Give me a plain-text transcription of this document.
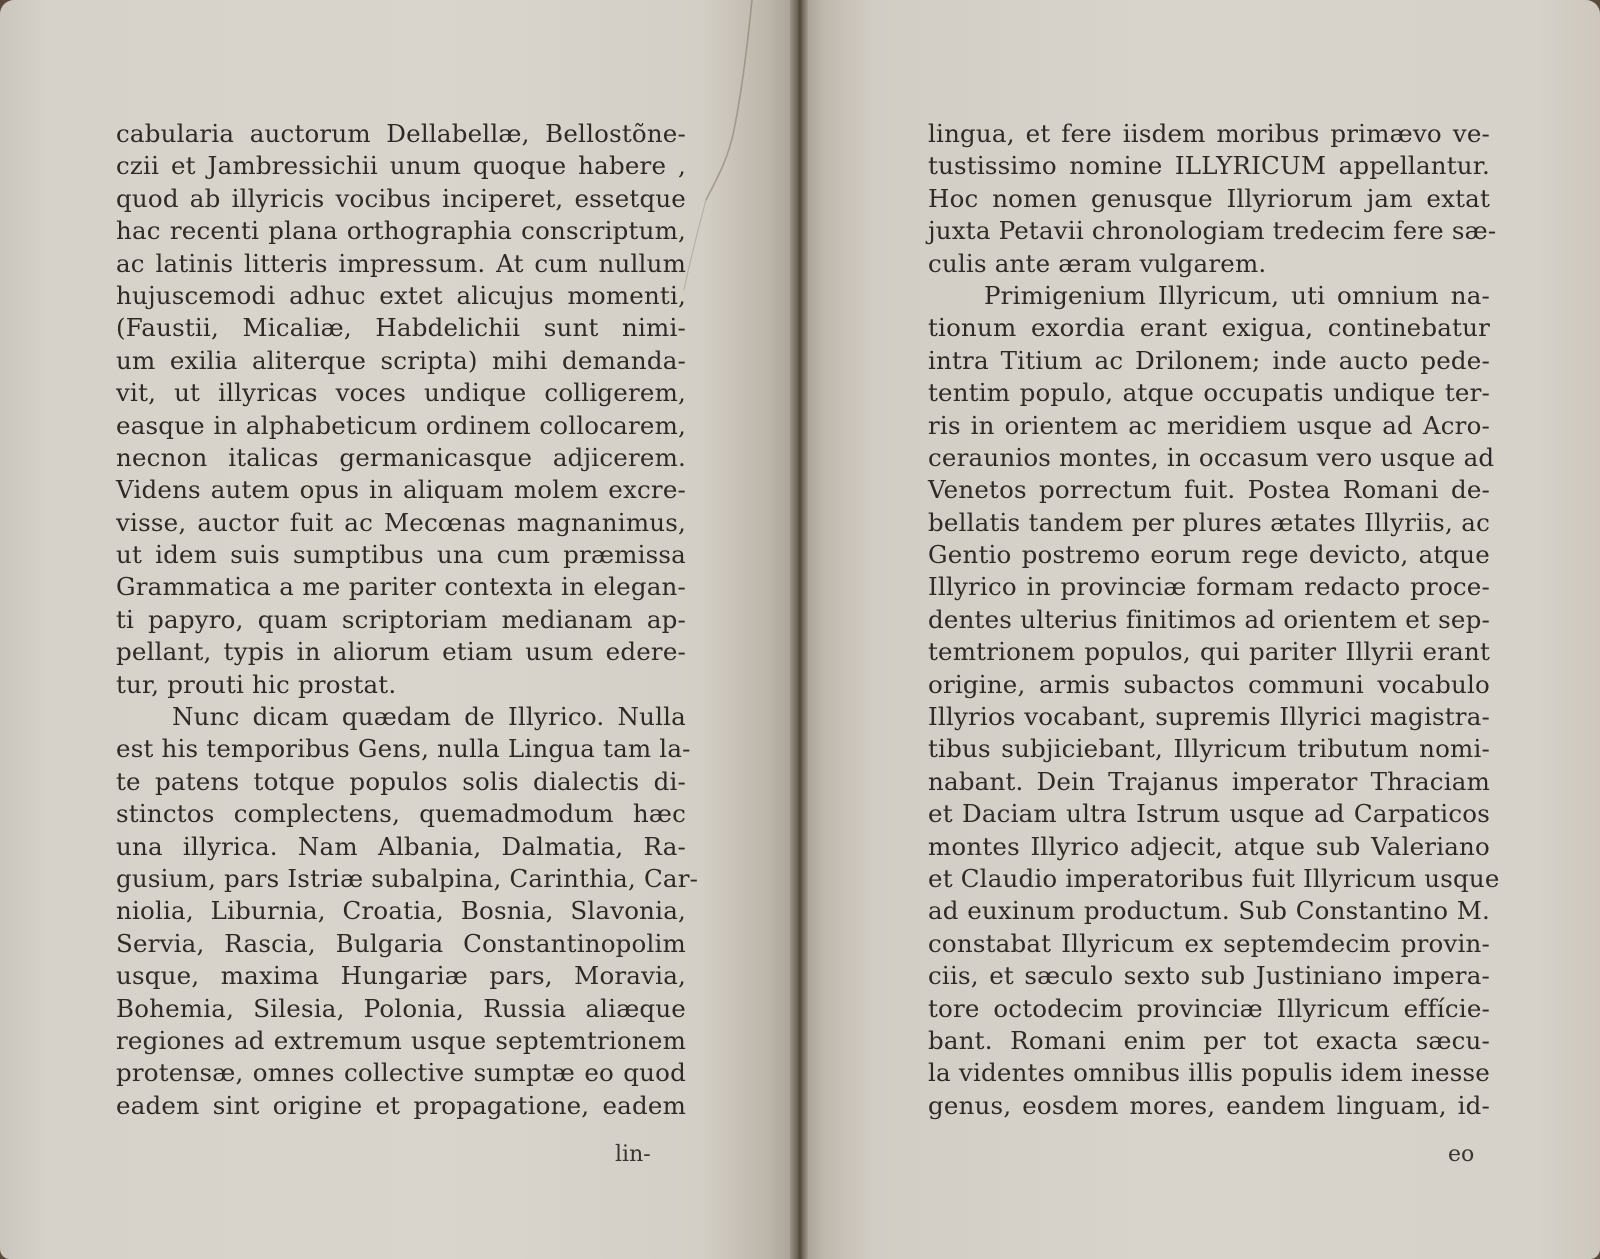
cabularia auctorum Dellabellæ, Bellostõne-
czii et Jambressichii unum quoque habere ,
quod ab illyricis vocibus inciperet, essetque
hac recenti plana orthographia conscriptum,
ac latinis litteris impressum. At cum nullum
hujuscemodi adhuc extet alicujus momenti,
(Faustii, Micaliæ, Habdelichii sunt nimi-
um exilia aliterque scripta) mihi demanda-
vit, ut illyricas voces undique colligerem,
easque in alphabeticum ordinem collocarem,
necnon italicas germanicasque adjicerem.
Videns autem opus in aliquam molem excre-
visse, auctor fuit ac Mecœnas magnanimus,
ut idem suis sumptibus una cum præmissa
Grammatica a me pariter contexta in elegan-
ti papyro, quam scriptoriam medianam ap-
pellant, typis in aliorum etiam usum edere-
tur, prouti hic prostat.
Nunc dicam quædam de Illyrico. Nulla
est his temporibus Gens, nulla Lingua tam la-
te patens totque populos solis dialectis di-
stinctos complectens, quemadmodum hæc
una illyrica. Nam Albania, Dalmatia, Ra-
gusium, pars Istriæ subalpina, Carinthia, Car-
niolia, Liburnia, Croatia, Bosnia, Slavonia,
Servia, Rascia, Bulgaria Constantinopolim
usque, maxima Hungariæ pars, Moravia,
Bohemia, Silesia, Polonia, Russia aliæque
regiones ad extremum usque septemtrionem
protensæ, omnes collective sumptæ eo quod
eadem sint origine et propagatione, eadem
lin-
lingua, et fere iisdem moribus primævo ve-
tustissimo nomine ILLYRICUM appellantur.
Hoc nomen genusque Illyriorum jam extat
juxta Petavii chronologiam tredecim fere sæ-
culis ante æram vulgarem.
Primigenium Illyricum, uti omnium na-
tionum exordia erant exigua, continebatur
intra Titium ac Drilonem; inde aucto pede-
tentim populo, atque occupatis undique ter-
ris in orientem ac meridiem usque ad Acro-
ceraunios montes, in occasum vero usque ad
Venetos porrectum fuit. Postea Romani de-
bellatis tandem per plures ætates Illyriis, ac
Gentio postremo eorum rege devicto, atque
Illyrico in provinciæ formam redacto proce-
dentes ulterius finitimos ad orientem et sep-
temtrionem populos, qui pariter Illyrii erant
origine, armis subactos communi vocabulo
Illyrios vocabant, supremis Illyrici magistra-
tibus subjiciebant, Illyricum tributum nomi-
nabant. Dein Trajanus imperator Thraciam
et Daciam ultra Istrum usque ad Carpaticos
montes Illyrico adjecit, atque sub Valeriano
et Claudio imperatoribus fuit Illyricum usque
ad euxinum productum. Sub Constantino M.
constabat Illyricum ex septemdecim provin-
ciis, et sæculo sexto sub Justiniano impera-
tore octodecim provinciæ Illyricum effície-
bant. Romani enim per tot exacta sæcu-
la videntes omnibus illis populis idem inesse
genus, eosdem mores, eandem linguam, id-
eo
